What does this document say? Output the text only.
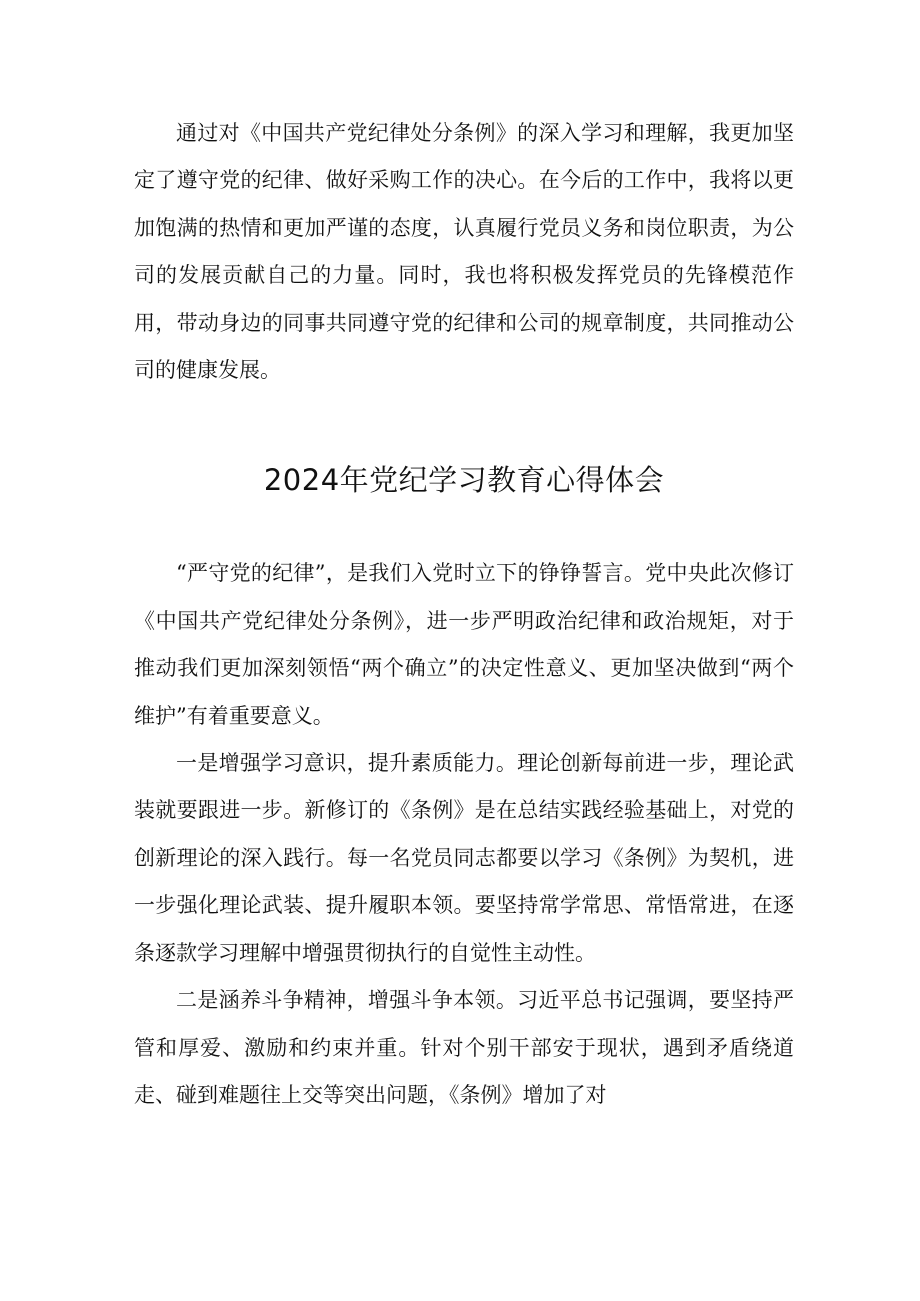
通过对《中国共产党纪律处分条例》的深入学习和理解，我更加坚定了遵守党的纪律、做好采购工作的决心。在今后的工作中，我将以更加饱满的热情和更加严谨的态度，认真履行党员义务和岗位职责，为公司的发展贡献自己的力量。同时，我也将积极发挥党员的先锋模范作用，带动身边的同事共同遵守党的纪律和公司的规章制度，共同推动公司的健康发展。

2024年党纪学习教育心得体会

“严守党的纪律”，是我们入党时立下的铮铮誓言。党中央此次修订《中国共产党纪律处分条例》，进一步严明政治纪律和政治规矩，对于推动我们更加深刻领悟“两个确立”的决定性意义、更加坚决做到“两个维护”有着重要意义。

一是增强学习意识，提升素质能力。理论创新每前进一步，理论武装就要跟进一步。新修订的《条例》是在总结实践经验基础上，对党的创新理论的深入践行。每一名党员同志都要以学习《条例》为契机，进一步强化理论武装、提升履职本领。要坚持常学常思、常悟常进，在逐条逐款学习理解中增强贯彻执行的自觉性主动性。

二是涵养斗争精神，增强斗争本领。习近平总书记强调，要坚持严管和厚爱、激励和约束并重。针对个别干部安于现状，遇到矛盾绕道走、碰到难题往上交等突出问题，《条例》增加了对
